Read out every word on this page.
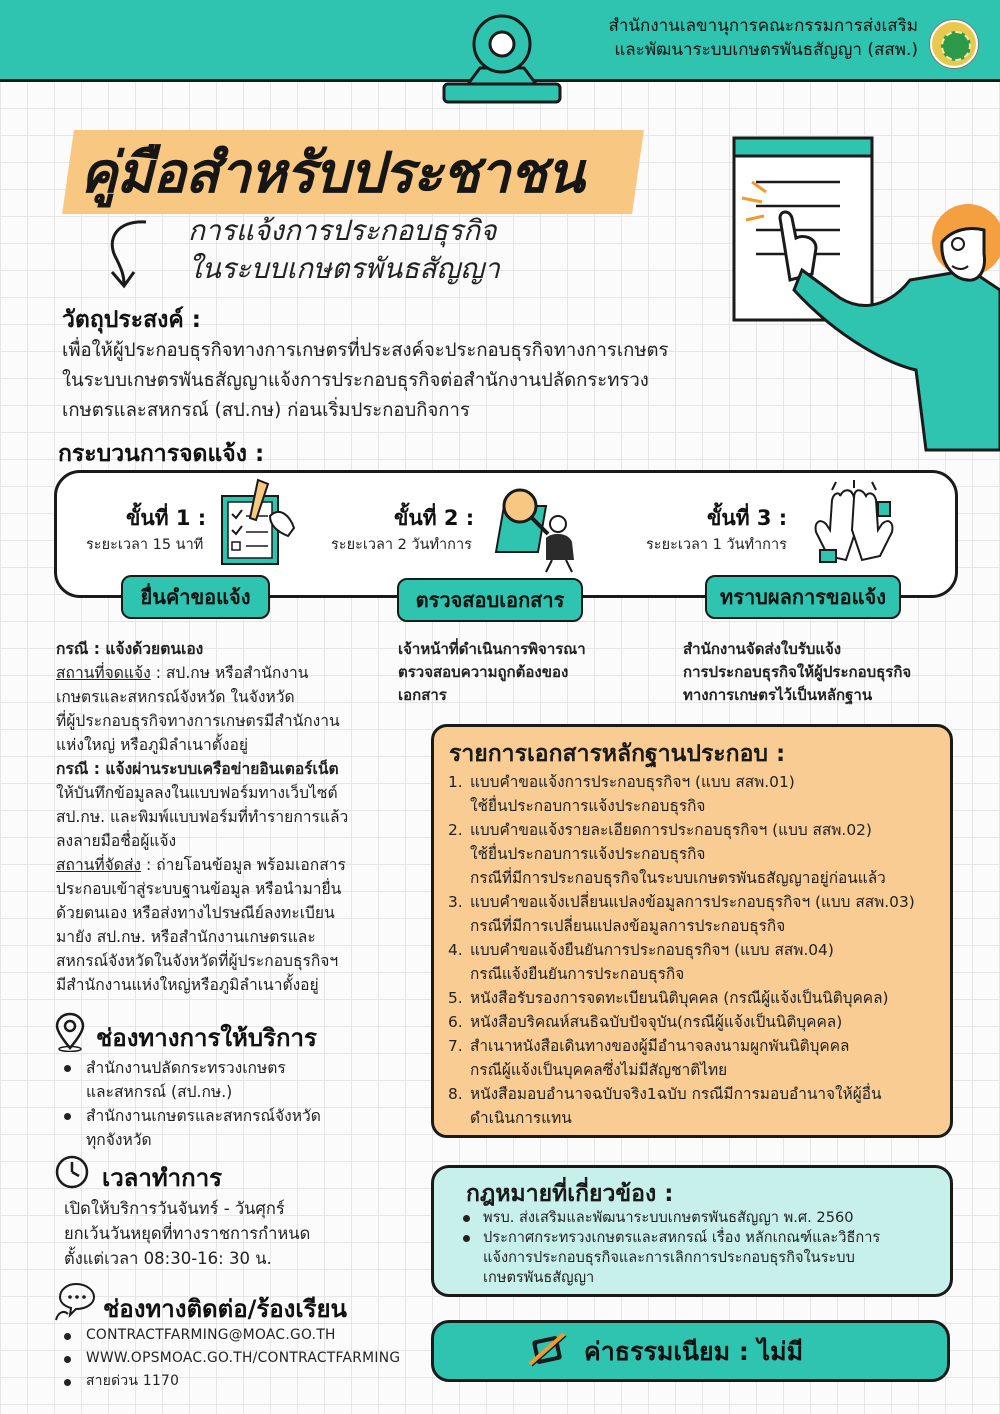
สำนักงานเลขานุการคณะกรรมการส่งเสริม
และพัฒนาระบบเกษตรพันธสัญญา (สสพ.)
คู่มือสำหรับประชาชน
การแจ้งการประกอบธุรกิจ
ในระบบเกษตรพันธสัญญา
วัตถุประสงค์ :
เพื่อให้ผู้ประกอบธุรกิจทางการเกษตรที่ประสงค์จะประกอบธุรกิจทางการเกษตร
ในระบบเกษตรพันธสัญญาแจ้งการประกอบธุรกิจต่อสำนักงานปลัดกระทรวง
เกษตรและสหกรณ์ (สป.กษ) ก่อนเริ่มประกอบกิจการ
กระบวนการจดแจ้ง :
ขั้นที่ 1 :
ระยะเวลา 15 นาที
ยื่นคำขอแจ้ง
ขั้นที่ 2 :
ระยะเวลา 2 วันทำการ
ตรวจสอบเอกสาร
ขั้นที่ 3 :
ระยะเวลา 1 วันทำการ
ทราบผลการขอแจ้ง
เจ้าหน้าที่ดำเนินการพิจารณา
ตรวจสอบความถูกต้องของ
เอกสาร
สำนักงานจัดส่งใบรับแจ้ง
การประกอบธุรกิจให้ผู้ประกอบธุรกิจ
ทางการเกษตรไว้เป็นหลักฐาน
กรณี : แจ้งด้วยตนเอง
สถานที่จดแจ้ง : สป.กษ หรือสำนักงาน
เกษตรและสหกรณ์จังหวัด ในจังหวัด
ที่ผู้ประกอบธุรกิจทางการเกษตรมีสำนักงาน
แห่งใหญ่ หรือภูมิลำเนาตั้งอยู่
กรณี : แจ้งผ่านระบบเครือข่ายอินเตอร์เน็ต
ให้บันทึกข้อมูลลงในแบบฟอร์มทางเว็บไซต์
สป.กษ. และพิมพ์แบบฟอร์มที่ทำรายการแล้ว
ลงลายมือชื่อผู้แจ้ง
สถานที่จัดส่ง : ถ่ายโอนข้อมูล พร้อมเอกสาร
ประกอบเข้าสู่ระบบฐานข้อมูล หรือนำมายื่น
ด้วยตนเอง หรือส่งทางไปรษณีย์ลงทะเบียน
มายัง สป.กษ. หรือสำนักงานเกษตรและ
สหกรณ์จังหวัดในจังหวัดที่ผู้ประกอบธุรกิจฯ
มีสำนักงานแห่งใหญ่หรือภูมิลำเนาตั้งอยู่
ช่องทางการให้บริการ
สำนักงานปลัดกระทรวงเกษตร
และสหกรณ์ (สป.กษ.)
สำนักงานเกษตรและสหกรณ์จังหวัด
ทุกจังหวัด
เวลาทำการ
เปิดให้บริการวันจันทร์ - วันศุกร์
ยกเว้นวันหยุดที่ทางราชการกำหนด
ตั้งแต่เวลา 08:30-16: 30 น.
ช่องทางติดต่อ/ร้องเรียน
CONTRACTFARMING@MOAC.GO.TH
WWW.OPSMOAC.GO.TH/CONTRACTFARMING
สายด่วน 1170
รายการเอกสารหลักฐานประกอบ :
1. แบบคำขอแจ้งการประกอบธุรกิจฯ (แบบ สสพ.01)
ใช้ยื่นประกอบการแจ้งประกอบธุรกิจ
2. แบบคำขอแจ้งรายละเอียดการประกอบธุรกิจฯ (แบบ สสพ.02)
ใช้ยื่นประกอบการแจ้งประกอบธุรกิจ
กรณีที่มีการประกอบธุรกิจในระบบเกษตรพันธสัญญาอยู่ก่อนแล้ว
3. แบบคำขอแจ้งเปลี่ยนแปลงข้อมูลการประกอบธุรกิจฯ (แบบ สสพ.03)
กรณีที่มีการเปลี่ยนแปลงข้อมูลการประกอบธุรกิจ
4. แบบคำขอแจ้งยืนยันการประกอบธุรกิจฯ (แบบ สสพ.04)
กรณีแจ้งยืนยันการประกอบธุรกิจ
5. หนังสือรับรองการจดทะเบียนนิติบุคคล (กรณีผู้แจ้งเป็นนิติบุคคล)
6. หนังสือบริคณห์สนธิฉบับปัจจุบัน(กรณีผู้แจ้งเป็นนิติบุคคล)
7. สำเนาหนังสือเดินทางของผู้มีอำนาจลงนามผูกพันนิติบุคคล
กรณีผู้แจ้งเป็นบุคคลซึ่งไม่มีสัญชาติไทย
8. หนังสือมอบอำนาจฉบับจริง1ฉบับ กรณีมีการมอบอำนาจให้ผู้อื่น
ดำเนินการแทน
กฎหมายที่เกี่ยวข้อง :
พรบ. ส่งเสริมและพัฒนาระบบเกษตรพันธสัญญา พ.ศ. 2560
ประกาศกระทรวงเกษตรและสหกรณ์ เรื่อง หลักเกณฑ์และวิธีการ
แจ้งการประกอบธุรกิจและการเลิกการประกอบธุรกิจในระบบ
เกษตรพันธสัญญา
ค่าธรรมเนียม : ไม่มี
